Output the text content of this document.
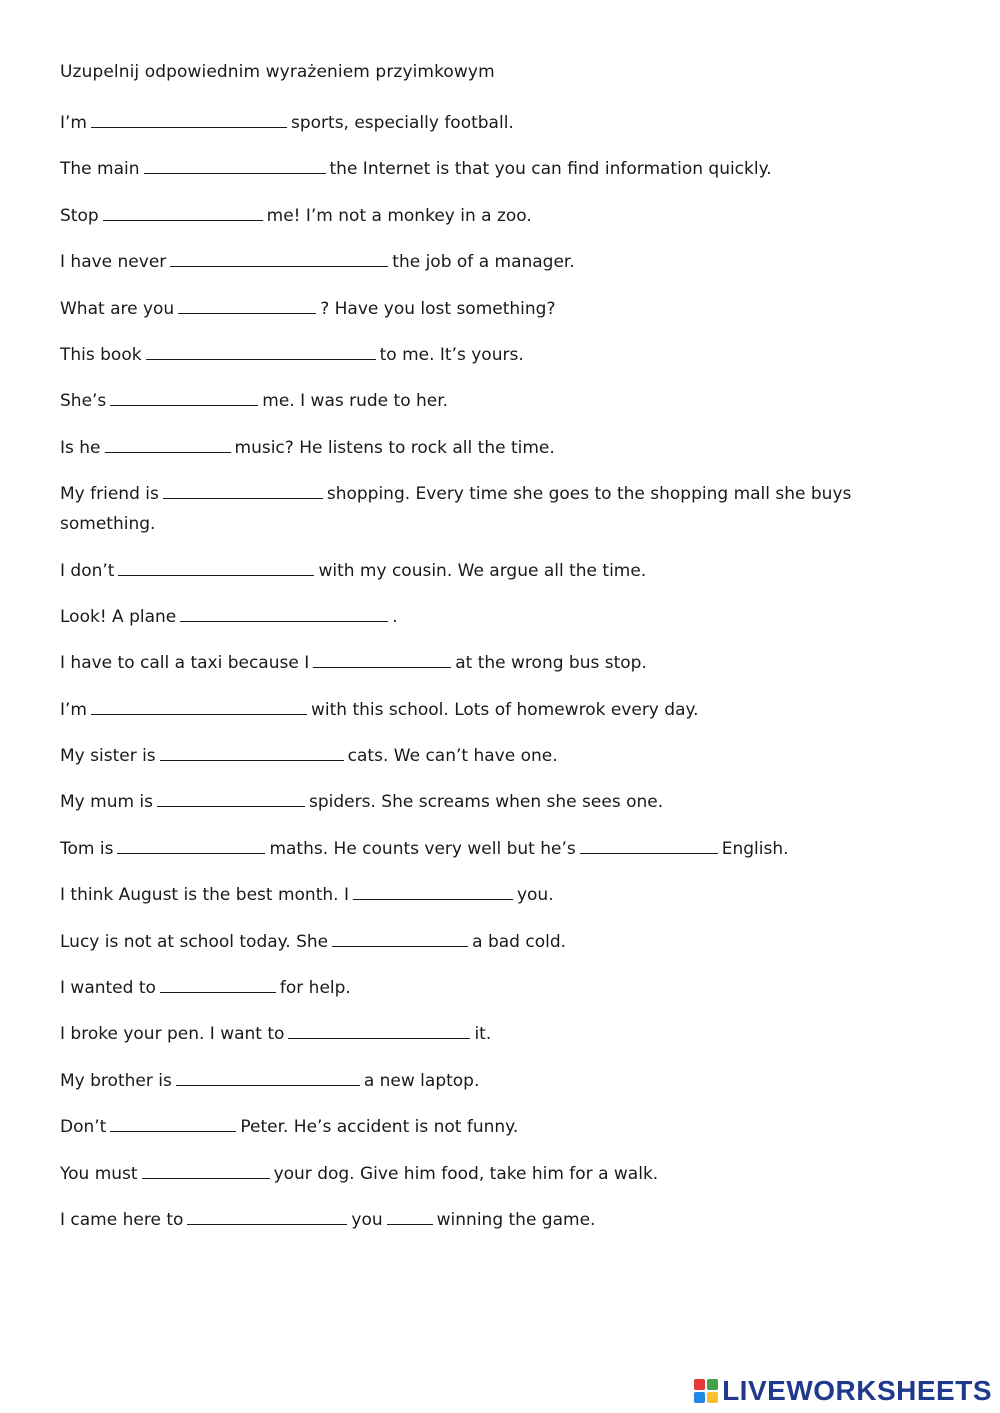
Uzupelnij odpowiednim wyrażeniem przyimkowym
I’m	sports, especially football.
The main	the Internet is that you can find information quickly.
Stop	me! I’m not a monkey in a zoo.
I have never	the job of a manager.
What are you	? Have you lost something?
This book	to me. It’s yours.
She’s	me. I was rude to her.
Is he	music? He listens to rock all the time.
My friend is	shopping. Every time she goes to the shopping mall she buys something.
I don’t	with my cousin. We argue all the time.
Look! A plane	.
I have to call a taxi because I	at the wrong bus stop.
I’m	with this school. Lots of homewrok every day.
My sister is	cats. We can’t have one.
My mum is	spiders. She screams when she sees one.
Tom is	maths. He counts very well but he’s	English.
I think August is the best month. I	you.
Lucy is not at school today. She	a bad cold.
I wanted to	for help.
I broke your pen. I want to	it.
My brother is	a new laptop.
Don’t	Peter. He’s accident is not funny.
You must	your dog. Give him food, take him for a walk.
I came here to	you	winning the game.
LIVEWORKSHEETS
